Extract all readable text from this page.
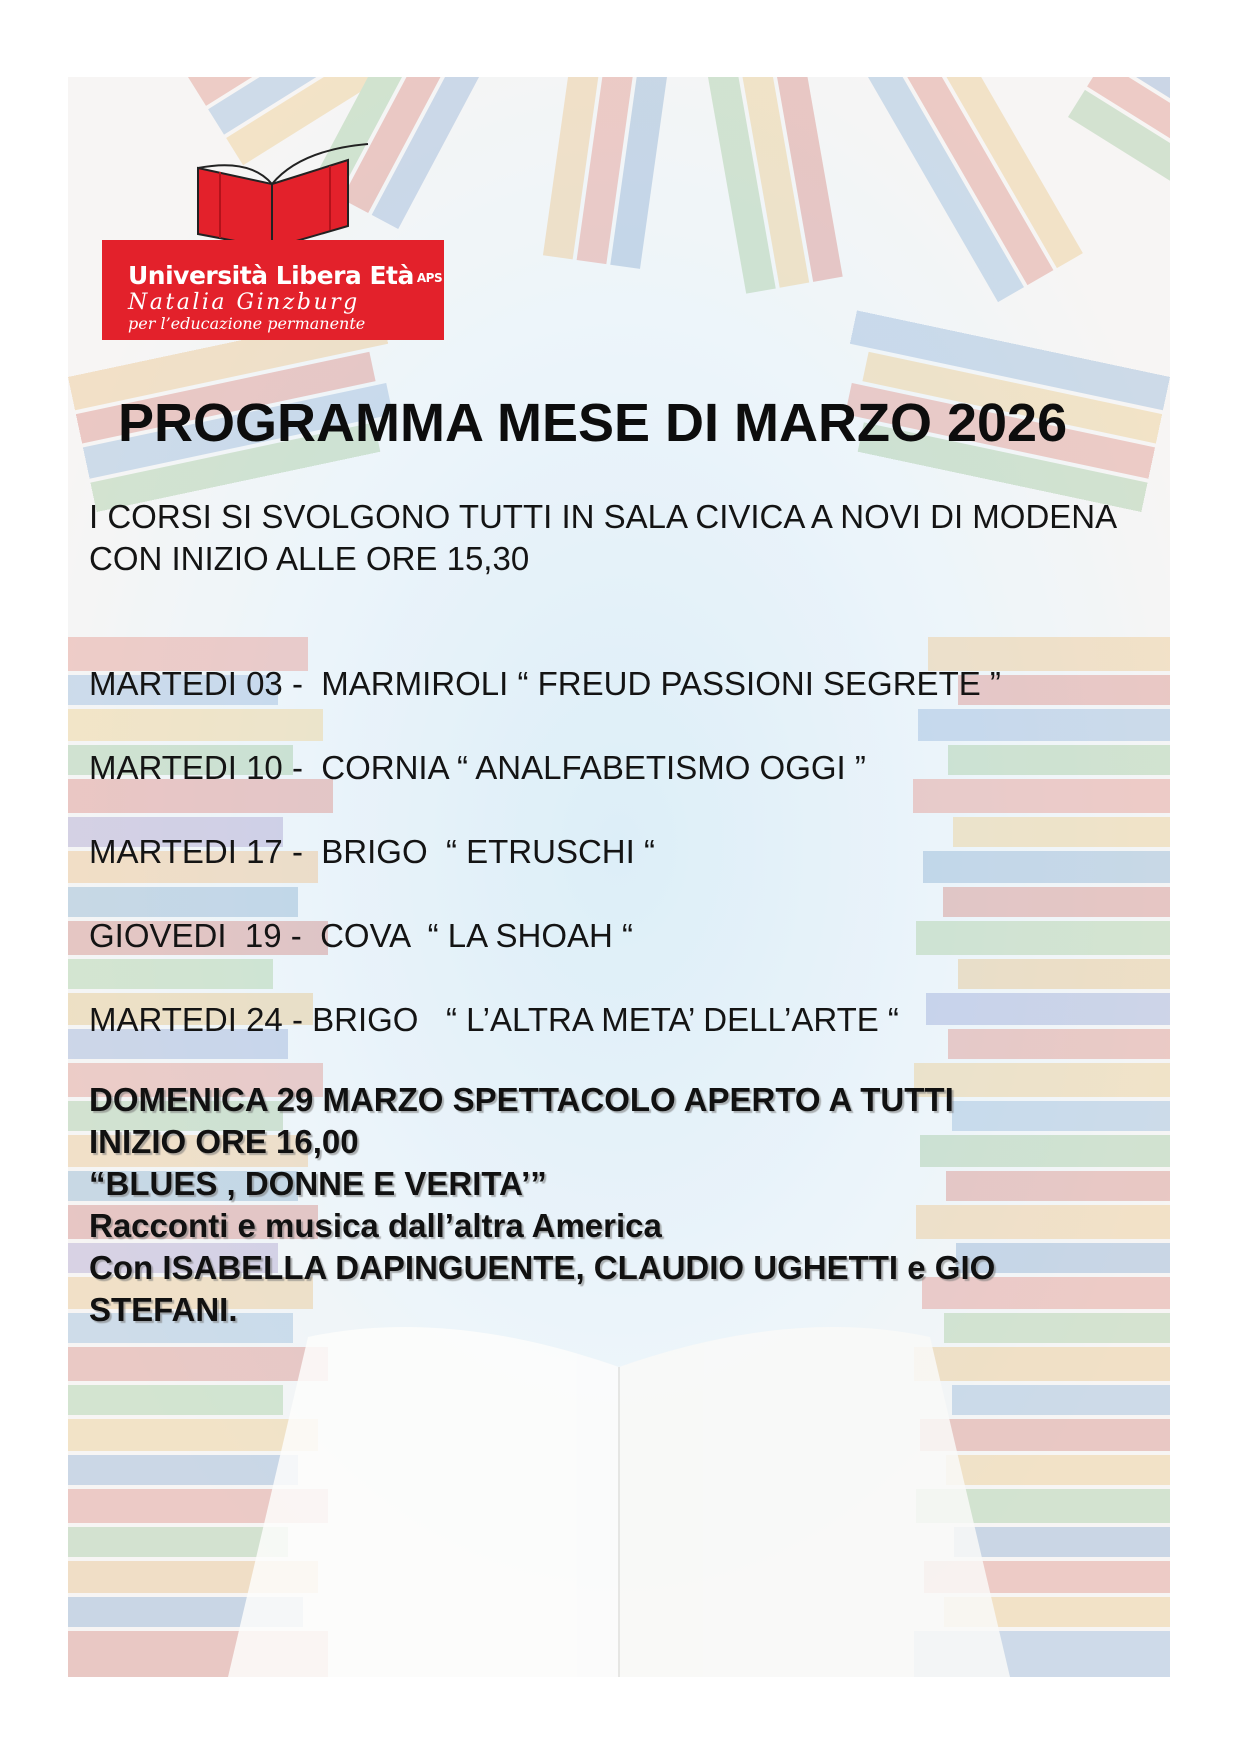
Università Libera Età APS
Natalia Ginzburg
per l’educazione permanente
PROGRAMMA MESE DI MARZO 2026
I CORSI SI SVOLGONO TUTTI IN SALA CIVICA A NOVI DI MODENA CON INIZIO ALLE ORE 15,30
MARTEDI 03 -  MARMIROLI “ FREUD PASSIONI SEGRETE ”
MARTEDI 10 -  CORNIA “ ANALFABETISMO OGGI ”
MARTEDI 17 -  BRIGO  “ ETRUSCHI “
GIOVEDI  19 -  COVA  “ LA SHOAH “
MARTEDI 24 - BRIGO   “ L’ALTRA META’ DELL’ARTE “
DOMENICA 29 MARZO SPETTACOLO APERTO A TUTTI
INIZIO ORE 16,00
“BLUES , DONNE E VERITA’”
Racconti e musica dall’altra America
Con ISABELLA DAPINGUENTE, CLAUDIO UGHETTI e GIO
STEFANI.
